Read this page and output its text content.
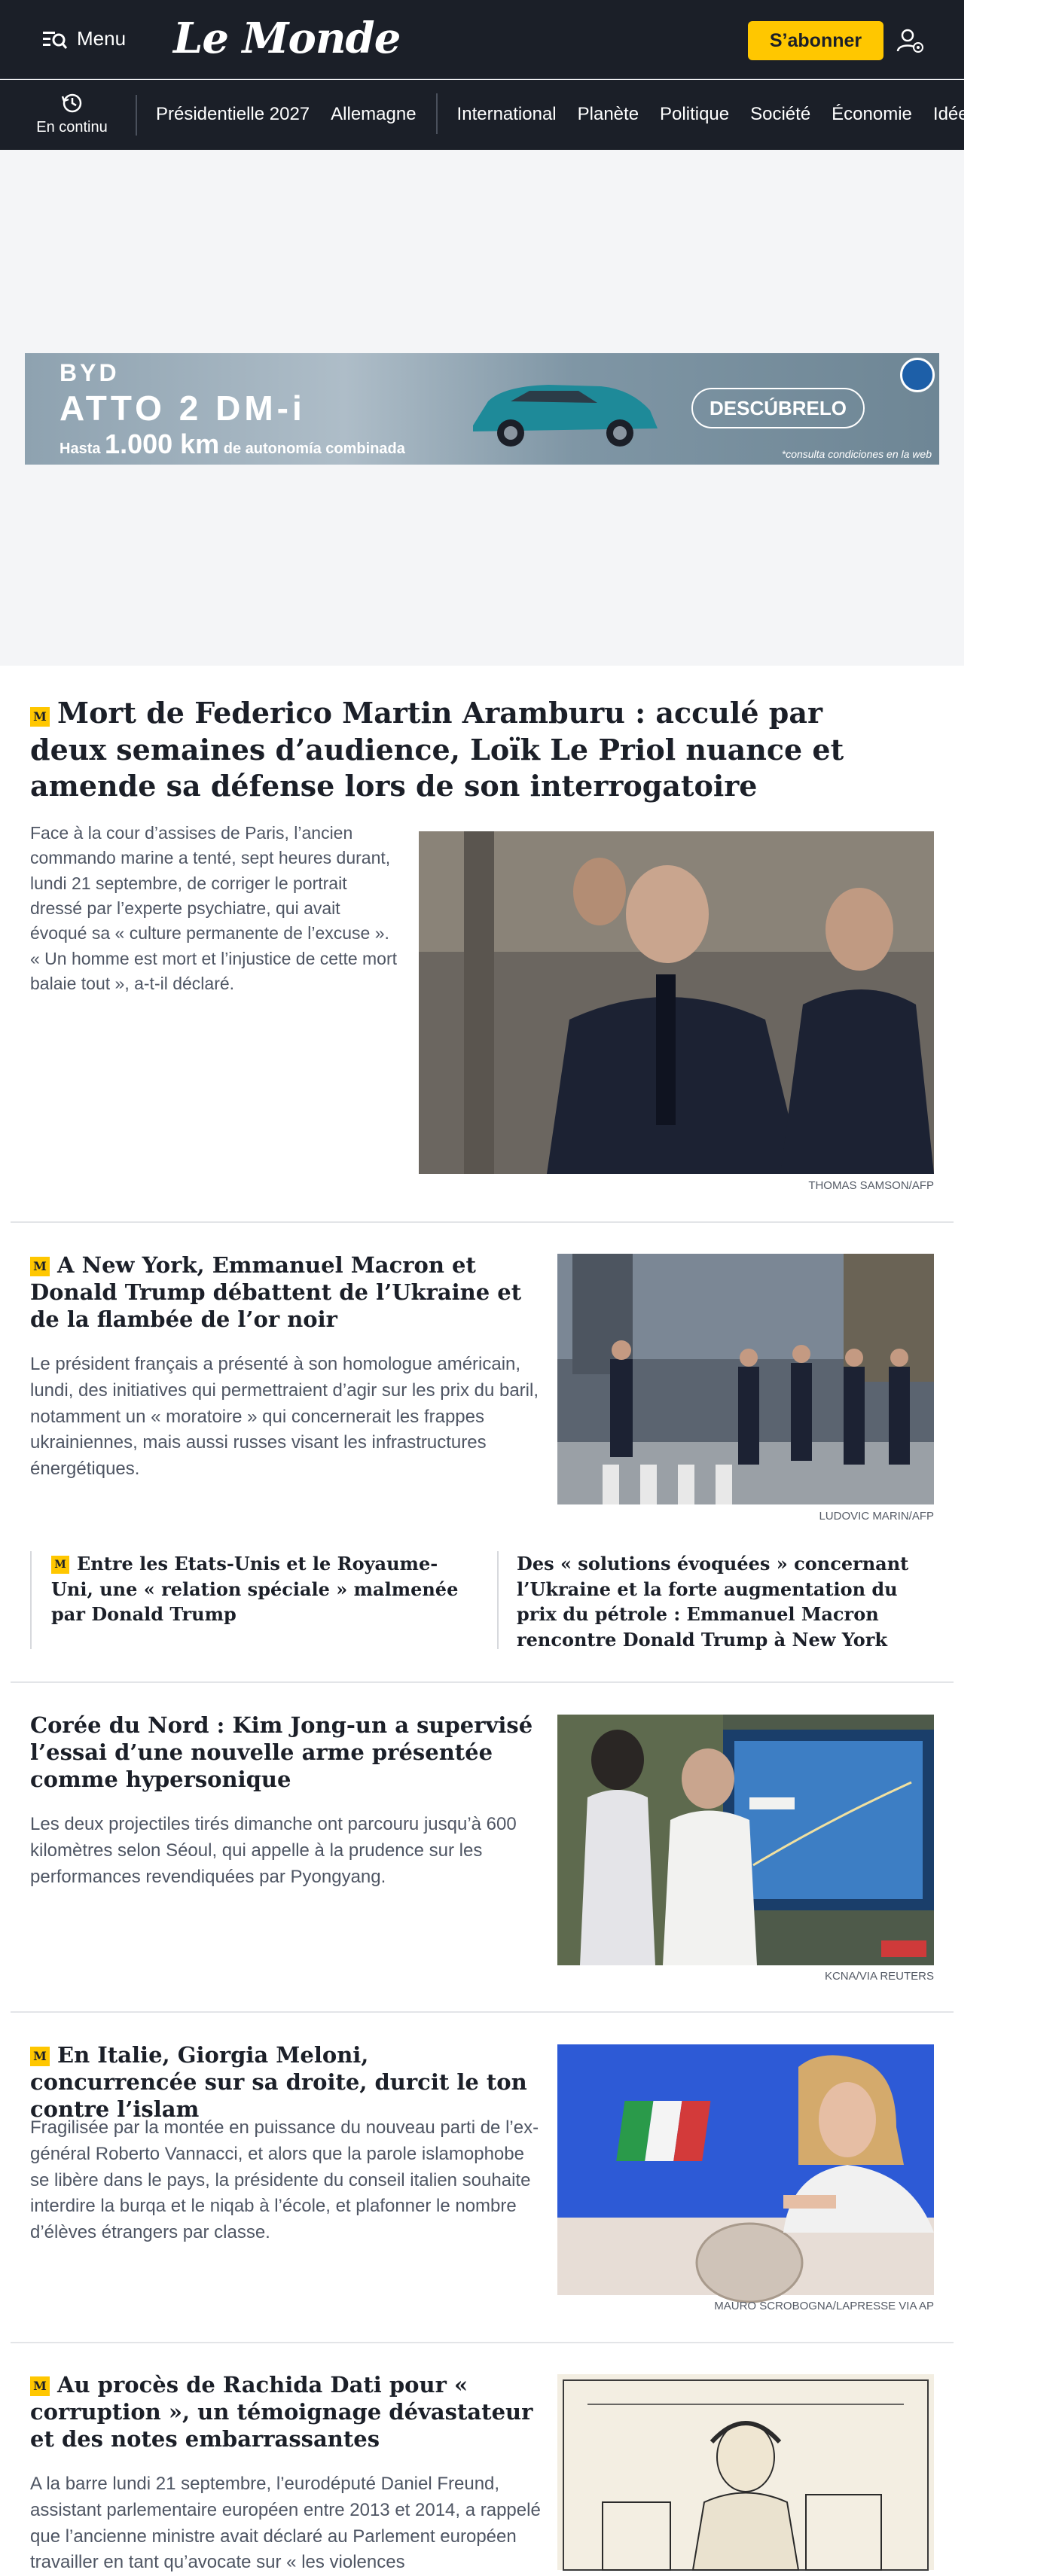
Menu Le Monde	S’abonner
En continu
Présidentielle 2027 Allemagne International Planète Politique Société Économie Idées Cultu
BYD
ATTO 2 DM-i
Hasta 1.000 km de autonomía combinada
DESCÚBRELO
*consulta condiciones en la web
M Mort de Federico Martin Aramburu : acculé par deux semaines d’audience, Loïk Le Priol nuance et amende sa défense lors de son interrogatoire
Face à la cour d’assises de Paris, l’ancien commando marine a tenté, sept heures durant, lundi 21 septembre, de corriger le portrait dressé par l’experte psychiatre, qui avait évoqué sa « culture permanente de l’excuse ». « Un homme est mort et l’injustice de cette mort balaie tout », a-t-il déclaré.
THOMAS SAMSON/AFP
M A New York, Emmanuel Macron et Donald Trump débattent de l’Ukraine et de la flambée de l’or noir
Le président français a présenté à son homologue américain, lundi, des initiatives qui permettraient d’agir sur les prix du baril, notamment un « moratoire » qui concernerait les frappes ukrainiennes, mais aussi russes visant les infrastructures énergétiques.
LUDOVIC MARIN/AFP
M Entre les Etats-Unis et le Royaume-Uni, une « relation spéciale » malmenée par Donald Trump
Des « solutions évoquées » concernant l’Ukraine et la forte augmentation du prix du pétrole : Emmanuel Macron rencontre Donald Trump à New York
Corée du Nord : Kim Jong-un a supervisé l’essai d’une nouvelle arme présentée comme hypersonique
Les deux projectiles tirés dimanche ont parcouru jusqu’à 600 kilomètres selon Séoul, qui appelle à la prudence sur les performances revendiquées par Pyongyang.
KCNA/VIA REUTERS
M En Italie, Giorgia Meloni, concurrencée sur sa droite, durcit le ton contre l’islam
Fragilisée par la montée en puissance du nouveau parti de l’ex-général Roberto Vannacci, et alors que la parole islamophobe se libère dans le pays, la présidente du conseil italien souhaite interdire la burqa et le niqab à l’école, et plafonner le nombre d’élèves étrangers par classe.
MAURO SCROBOGNA/LAPRESSE VIA AP
M Au procès de Rachida Dati pour « corruption », un témoignage dévastateur et des notes embarrassantes
A la barre lundi 21 septembre, l’eurodéputé Daniel Freund, assistant parlementaire européen entre 2013 et 2014, a rappelé que l’ancienne ministre avait déclaré au Parlement européen travailler en tant qu’avocate sur « les violences
